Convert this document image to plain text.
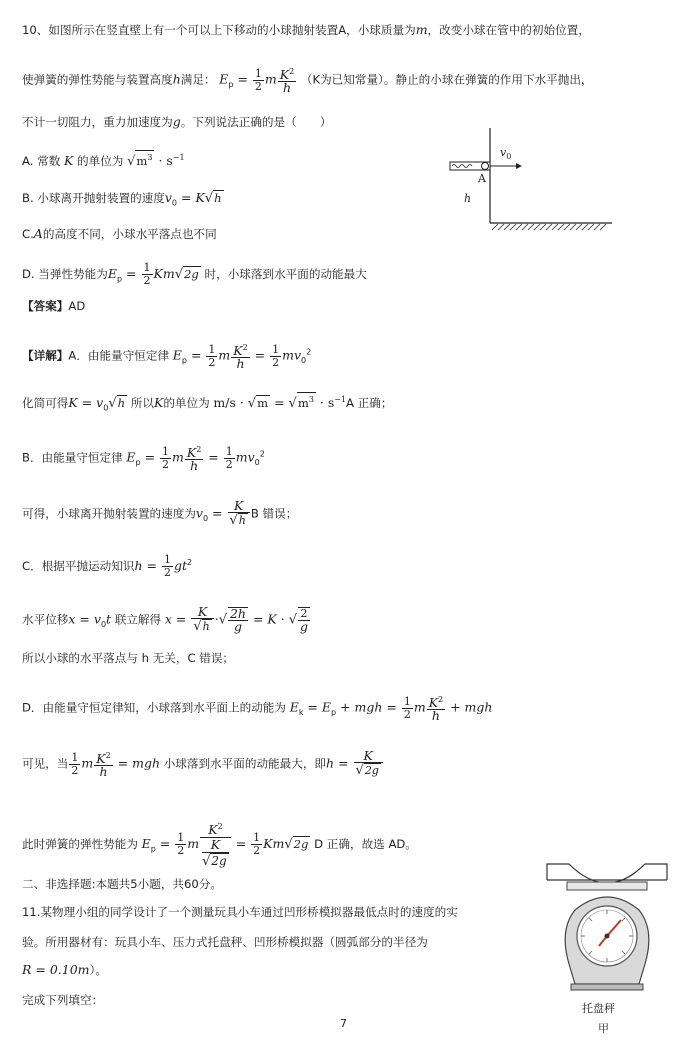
10、如图所示在竖直壁上有一个可以上下移动的小球抛射装置A，小球质量为m，改变小球在管中的初始位置，
使弹簧的弹性势能与装置高度h满足： $E_p = \frac{1}{2}$ m $\frac{K^2}{h} (K$为已知常量）。静止的小球在弹簧的作用下水平抛出，
不计一切阻力，重力加速度为g。下列说法正确的是（　　）
A. 常数 K 的单位为 $√m^3 \cdot s^{-1}$
B. 小球离开抛射装置的速度$v_0 = K√h$
C.A的高度不同，小球水平落点也不同
D. 当弹性势能为$E_p = \frac{1}{2} Km√2g$ 时，小球落到水平面的动能最大
$v_0$
A
h
【答案】AD
【详解】A．由能量守恒定律 $E_p = \frac{1}{2}$ m $\frac{K^2}{h} = \frac{1}{2} mv_0^2$
化简可得$K = v_0√h$ 所以K的单位为 $m/s \cdot √m = √m^3 \cdot s^{-1}A$ 正确；
B．由能量守恒定律 $E_p = \frac{1}{2}$ m $\frac{K^2}{h} = \frac{1}{2} mv_0^2$
可得，小球离开抛射装置的速度为$v_0 = \frac{K}{√h}$ B 错误；
C．根据平抛运动知识$h = \frac{1}{2} gt^2$
水平位移$x = v_0t$ 联立解得 $x = \frac{K}{√h}$ ·√ $\frac{2h}{g} = K$ · √ $\frac{2}{g}$
所以小球的水平落点与 h 无关，C 错误；
D．由能量守恒定律知，小球落到水平面上的动能为 $E_k = E_p$ + mgh = $\frac{1}{2}$ m $\frac{K^2}{h}$ + mgh
可见，当 $\frac{1}{2}$ m $\frac{K^2}{h}$ = mgh 小球落到水平面的动能最大，即$h = \frac{K}{√2g}$
此时弹簧的弹性势能为 $E_p = \frac{1}{2}$ m $K^2$
K
$√2g = \frac{1}{2} Km√2g$ D 正确，故选 AD。
二、非选择题:本题共5小题，共60分。
11.某物理小组的同学设计了一个测量玩具小车通过凹形桥模拟器最低点时的速度的实
验。所用器材有：玩具小车、压力式托盘秤、凹形桥模拟器（圆弧部分的半径为
R = 0.10m）。
完成下列填空：
托盘秤
甲
7
